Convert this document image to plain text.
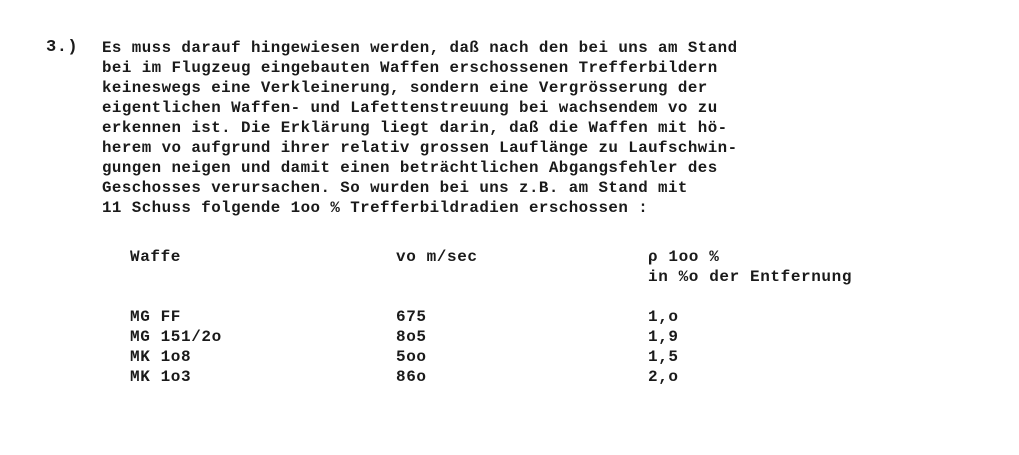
3.) Es muss darauf hingewiesen werden, daß nach den bei uns am Stand
bei im Flugzeug eingebauten Waffen erschossenen Trefferbildern
keineswegs eine Verkleinerung, sondern eine Vergrösserung der
eigentlichen Waffen- und Lafettenstreuung bei wachsendem vo zu
erkennen ist. Die Erklärung liegt darin, daß die Waffen mit hö-
herem vo aufgrund ihrer relativ grossen Lauflänge zu Laufschwin-
gungen neigen und damit einen beträchtlichen Abgangsfehler des
Geschosses verursachen. So wurden bei uns z.B. am Stand mit
11 Schuss folgende 1oo % Trefferbildradien erschossen :
Waffe	vo m/sec	ρ 1oo %
in %o der Entfernung

MG FF	675	1,o
MG 151/2o	8o5	1,9
MK 1o8	5oo	1,5
MK 1o3	86o	2,o
